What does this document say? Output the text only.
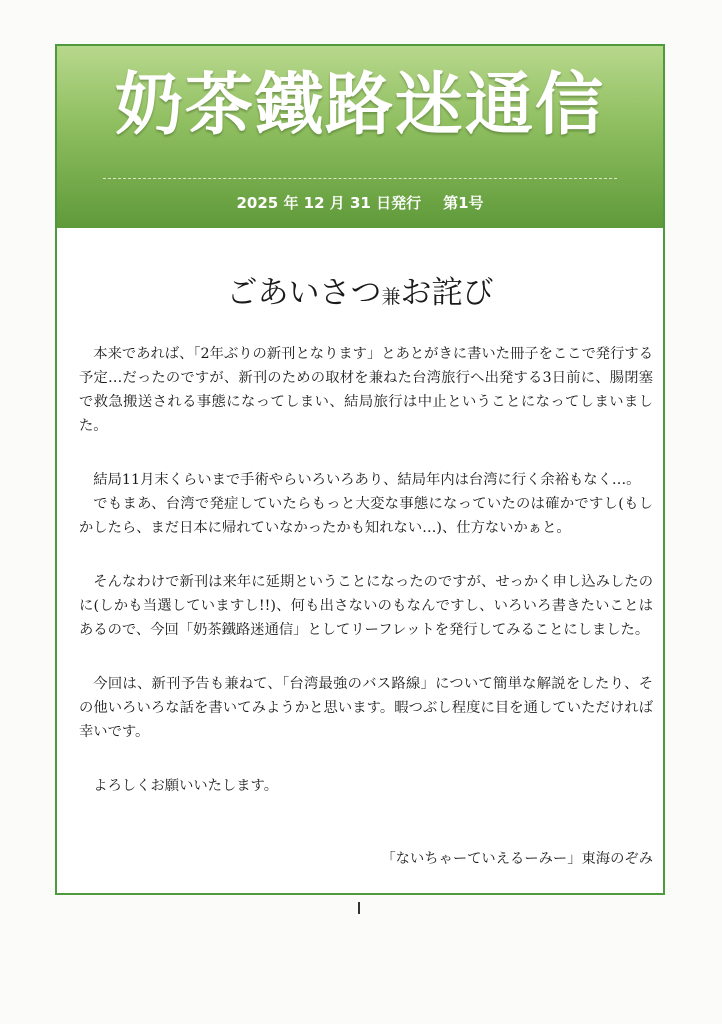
奶茶鐵路迷通信
2025 年 12 月 31 日発行 第1号
ごあいさつ兼お詫び

本来であれば、「2年ぶりの新刊となります」とあとがきに書いた冊子をここで発行する予定…だったのですが、新刊のための取材を兼ねた台湾旅行へ出発する3日前に、腸閉塞で救急搬送される事態になってしまい、結局旅行は中止ということになってしまいました。

結局11月末くらいまで手術やらいろいろあり、結局年内は台湾に行く余裕もなく…。

でもまあ、台湾で発症していたらもっと大変な事態になっていたのは確かですし(もしかしたら、まだ日本に帰れていなかったかも知れない…)、仕方ないかぁと。

そんなわけで新刊は来年に延期ということになったのですが、せっかく申し込みしたのに(しかも当選していますし!!)、何も出さないのもなんですし、いろいろ書きたいことはあるので、今回「奶茶鐵路迷通信」としてリーフレットを発行してみることにしました。

今回は、新刊予告も兼ねて、「台湾最強のバス路線」について簡単な解説をしたり、その他いろいろな話を書いてみようかと思います。暇つぶし程度に目を通していただければ幸いです。

よろしくお願いいたします。

「ないちゃーていえるーみー」東海のぞみ
